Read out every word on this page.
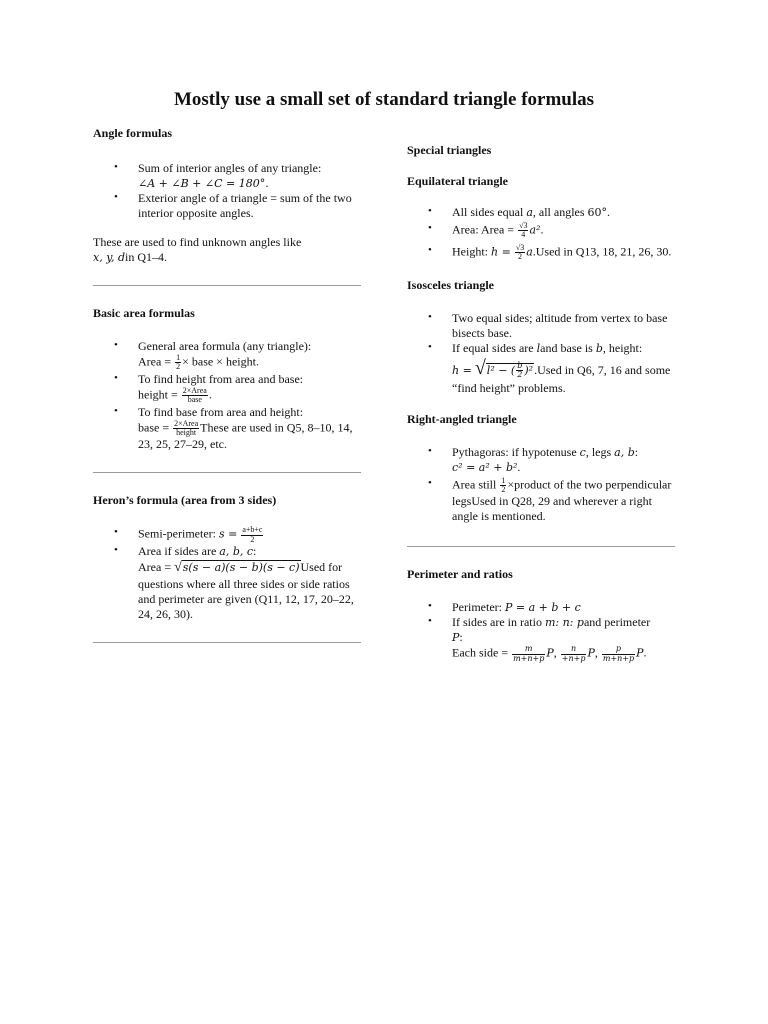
Mostly use a small set of standard triangle formulas

Angle formulas

• Sum of interior angles of any triangle:
∠A + ∠B + ∠C = 180°.
• Exterior angle of a triangle = sum of the two interior opposite angles.

These are used to find unknown angles like
x, y, din Q1–4.

Basic area formulas

• General area formula (any triangle):
Area = $\frac{1}{2}$ × base × height.
• To find height from area and base:
height = $\frac{\text{2×Area}}{\text{base}}$ .
• To find base from area and height:
base = $\frac{\text{2×Area}}{\text{height}}$ These are used in Q5, 8–10, 14, 23, 25, 27–29, etc.

Heron’s formula (area from 3 sides)

• Semi-perimeter: $s = \frac{a+b+c}{2}$
• Area if sides are a, b, c:

Area = √s(s − a)(s − b)(s − c)Used for questions where all three sides or side ratios and perimeter are given (Q11, 12, 17, 20–22, 24, 26, 30).

Special triangles

Equilateral triangle

• All sides equal a, all angles 60°.
• Area: Area = $\frac{√3}{4} a^2$.
• Height: $h = \frac{√3}{2}$ a.Used in Q13, 18, 21, 26, 30.

Isosceles triangle

• Two equal sides; altitude from vertex to base bisects base.
• If equal sides are land base is b, height:
h = √l² − ( $\frac{b}{2}$ )².Used in Q6, 7, 16 and some “find height” problems.

Right-angled triangle

• Pythagoras: if hypotenuse c, legs a, b:
c² = a² + b².
• Area still $\frac{1}{2}$ ×product of the two perpendicular legsUsed in Q28, 29 and wherever a right angle is mentioned.

Perimeter and ratios

• Perimeter: P = a + b + c
• If sides are in ratio m: n: pand perimeter
P:
Each side = $\frac{m}{m+n+p} P$, $\frac{n}{+n+p} P$, $\frac{p}{m+n+p} P$.
